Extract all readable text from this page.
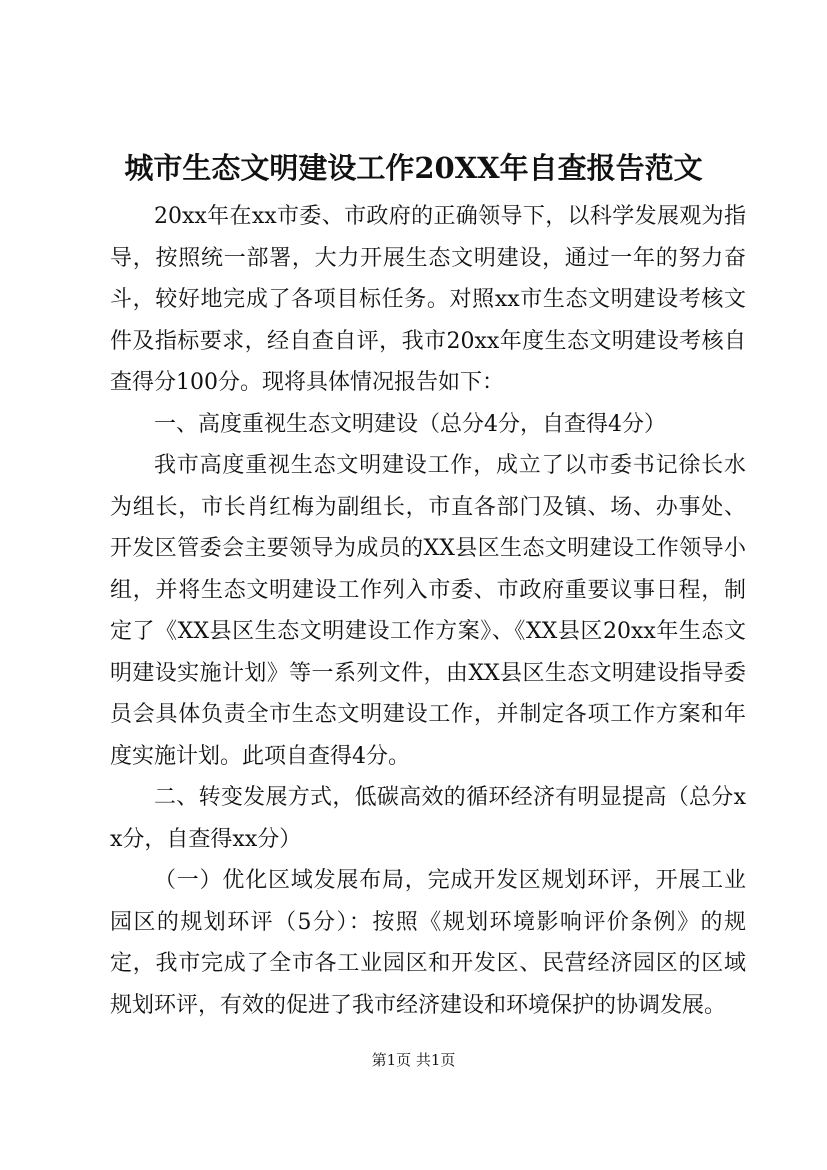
城市生态文明建设工作20XX年自查报告范文

20xx年在xx市委、市政府的正确领导下，以科学发展观为指导，按照统一部署，大力开展生态文明建设，通过一年的努力奋斗，较好地完成了各项目标任务。对照xx市生态文明建设考核文件及指标要求，经自查自评，我市20xx年度生态文明建设考核自查得分100分。现将具体情况报告如下：

一、高度重视生态文明建设（总分4分，自查得4分）

我市高度重视生态文明建设工作，成立了以市委书记徐长水为组长，市长肖红梅为副组长，市直各部门及镇、场、办事处、开发区管委会主要领导为成员的XX县区生态文明建设工作领导小组，并将生态文明建设工作列入市委、市政府重要议事日程，制定了《XX县区生态文明建设工作方案》、《XX县区20xx年生态文明建设实施计划》等一系列文件，由XX县区生态文明建设指导委员会具体负责全市生态文明建设工作，并制定各项工作方案和年度实施计划。此项自查得4分。

二、转变发展方式，低碳高效的循环经济有明显提高（总分xx分，自查得xx分）

（一）优化区域发展布局，完成开发区规划环评，开展工业园区的规划环评（5分）：按照《规划环境影响评价条例》的规定，我市完成了全市各工业园区和开发区、民营经济园区的区域规划环评，有效的促进了我市经济建设和环境保护的协调发展。

第1页 共1页
